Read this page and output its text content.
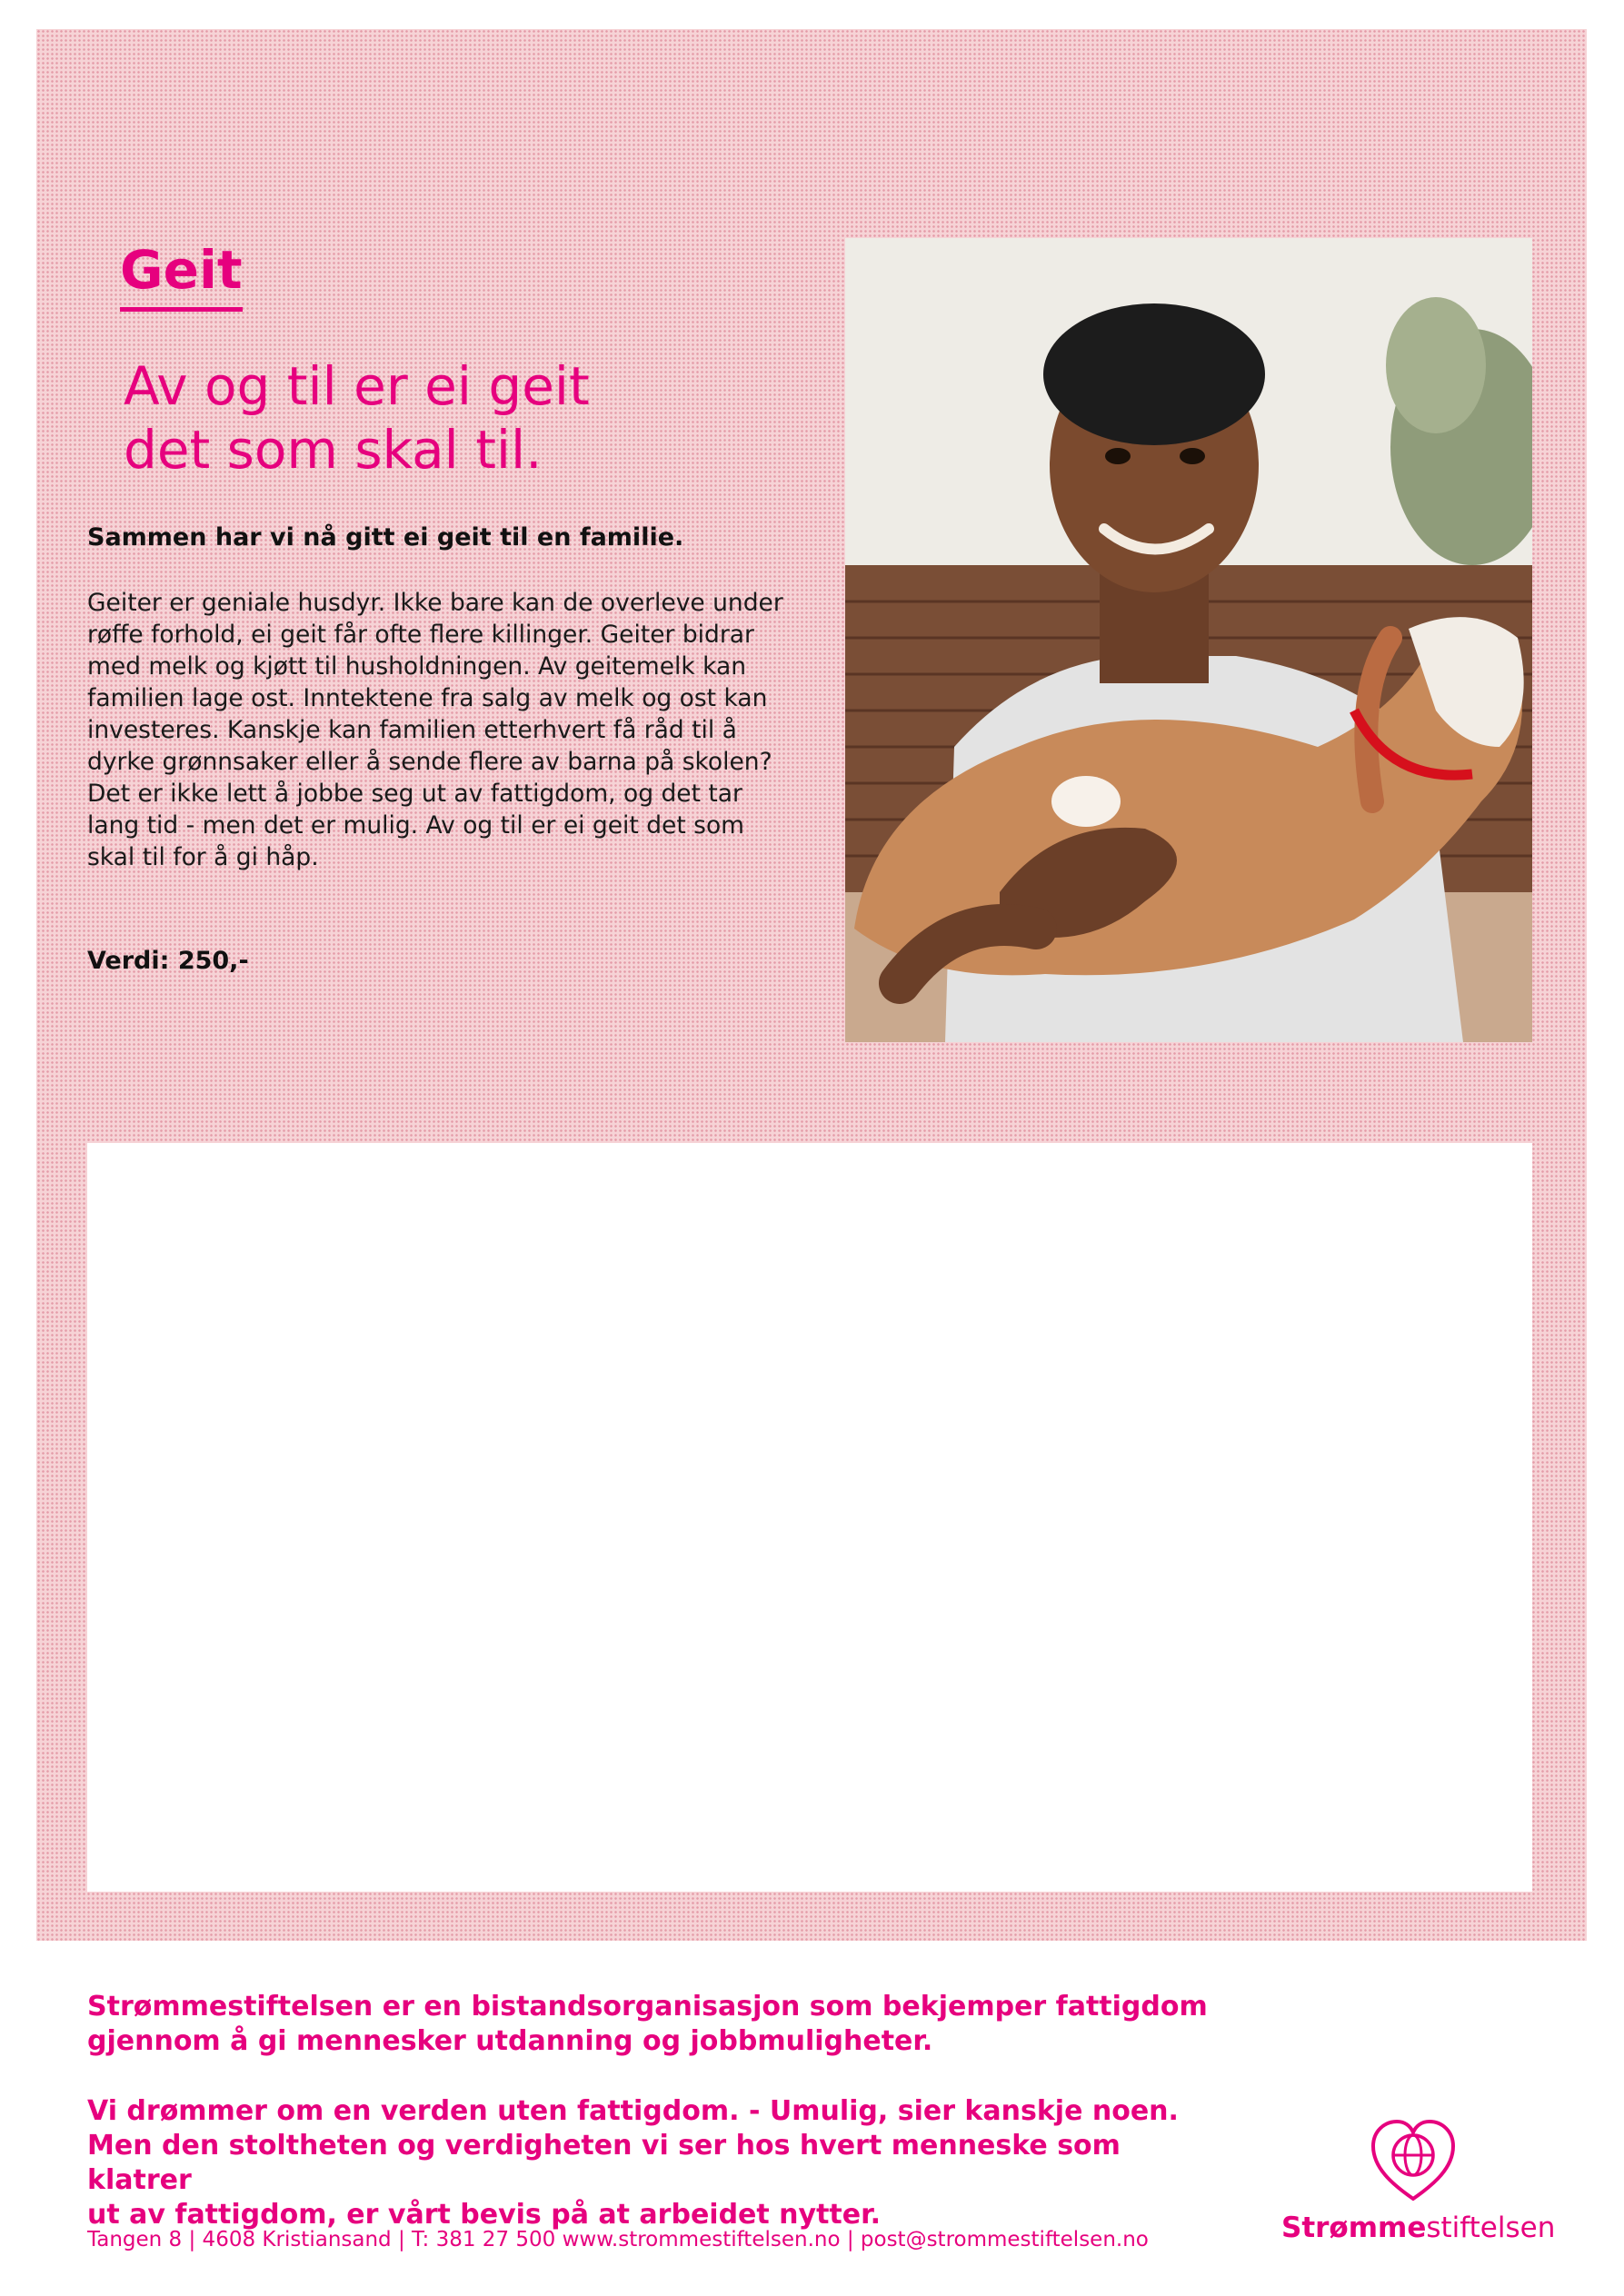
Geit
Av og til er ei geit
det som skal til.

Sammen har vi nå gitt ei geit til en familie.

Geiter er geniale husdyr. Ikke bare kan de overleve under røffe forhold, ei geit får ofte flere killinger. Geiter bidrar med melk og kjøtt til husholdningen. Av geitemelk kan familien lage ost. Inntektene fra salg av melk og ost kan investeres. Kanskje kan familien etterhvert få råd til å dyrke grønnsaker eller å sende flere av barna på skolen? Det er ikke lett å jobbe seg ut av fattigdom, og det tar lang tid - men det er mulig. Av og til er ei geit det som skal til for å gi håp.

Verdi: 250,-

Strømmestiftelsen er en bistandsorganisasjon som bekjemper fattigdom
gjennom å gi mennesker utdanning og jobbmuligheter.

Vi drømmer om en verden uten fattigdom. - Umulig, sier kanskje noen.
Men den stoltheten og verdigheten vi ser hos hvert menneske som klatrer
ut av fattigdom, er vårt bevis på at arbeidet nytter.

Tangen 8 | 4608 Kristiansand | T: 381 27 500 www.strommestiftelsen.no | post@strommestiftelsen.no	Strømmestiftelsen
